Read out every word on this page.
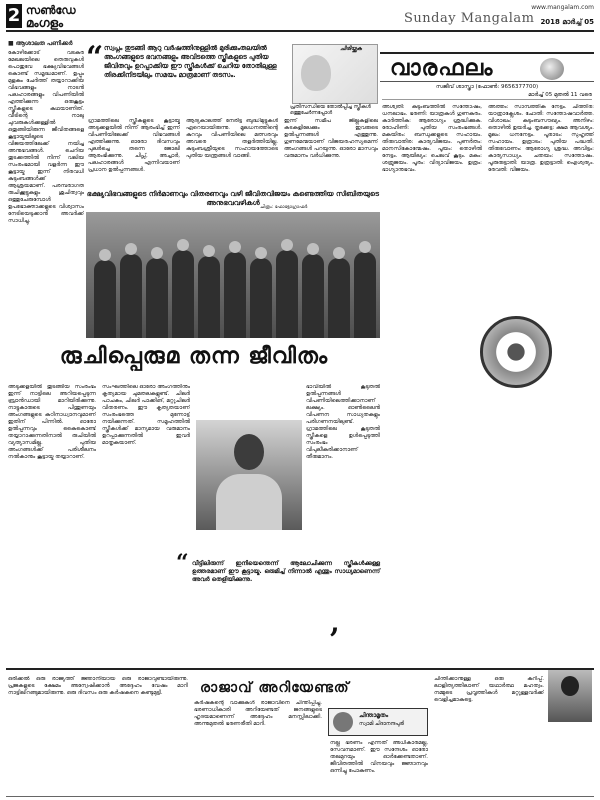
2 സൺഡേ
മംഗളം	Sunday Mangalam
www.mangalam.com
2018 മാർച്ച് 05
■ ആശാലത പണിക്കർ
കോ​ഴിക്കോട് വടകര മേഖലയിലെ തെരുവുകൾ പൊതുവേ ഭക്ഷ്യവിഭവങ്ങൾ കൊണ്ട് സമൃദ്ധമാണ്. ഉപ്പും മുളകും ചേർത്ത് തയ്യാറാക്കിയ വിഭവങ്ങളും നാടൻ പലഹാരങ്ങളും വിപണിയിൽ എത്തിക്കുന്ന ഒരുകൂട്ടം സ്ത്രീകളുടെ കഥയാണിത്. വീടിന്റെ നാലു ചുവരുകൾക്കുള്ളിൽ ഒതുങ്ങിയിരുന്ന ജീവിതങ്ങളെ കൂട്ടായ്മയിലൂടെ വിജയത്തിലേക്ക് നയിച്ച അനുഭവങ്ങൾ. ചെറിയ തുടക്കത്തിൽ നിന്ന് വലിയ സംരംഭമായി വളർന്ന ഈ കൂട്ടായ്മ ഇന്ന് നിരവധി കുടുംബങ്ങൾക്ക് ആശ്രയമാണ്. പരമ്പരാഗത രുചിക്കൂട്ടുകളും ശുചിത്വവും ഒത്തുചേരുമ്പോൾ ഉപഭോക്താക്കളുടെ വിശ്വാസം നേടിയെടുക്കാൻ അവർക്ക് സാധിച്ചു.
“ സ്വപ്നം തുടങ്ങി ആറു വർഷത്തിനുള്ളിൽ മുരിക്കുംതലയിൽ അംഗങ്ങളുടെ ഭവനങ്ങളും അവിടത്തെ സ്ത്രീകളുടെ പുതിയ ജീവിതവും ഉറപ്പാക്കിയ ഈ സ്ത്രീകൾക്ക് ചെറിയ തോതിലുള്ള തിരക്കിനിടയിലും സമയം മാത്രമാണ് തടസം.
ചിരിയ്ക്കുക
പ്രതിസന്ധിയെ തോൽപ്പിച്ച സ്ത്രീകൾ ഒത്തുചേർന്നപ്പോൾ
ഗ്രാമത്തിലെ സ്ത്രീകളുടെ കൂട്ടായ്മ അടുക്കളയിൽ നിന്ന് ആരംഭിച്ച് ഇന്ന് വിപണിയിലേക്ക് വിഭവങ്ങൾ എത്തിക്കുന്നു. ഓരോ ദിവസവും പുലർച്ചെ തന്നെ ജോലി ആരംഭിക്കുന്നു. ചിപ്സ്, അച്ചാർ, പലഹാരങ്ങൾ എന്നിവയാണ് പ്രധാന ഉൽപ്പന്നങ്ങൾ.
ആദ്യകാലത്ത് നേരിട്ട ബുദ്ധിമുട്ടുകൾ ഏറെയായിരുന്നു. മൂലധനത്തിന്റെ കുറവും വിപണിയിലെ മത്സരവും അവരെ തളർത്തിയില്ല. കുടുംബശ്രീയുടെ സഹായത്തോടെ പുതിയ യന്ത്രങ്ങൾ വാങ്ങി.
ഇന്ന് സമീപ ജില്ലകളിലെ കടകളിലേക്കും ഇവരുടെ ഉൽപ്പന്നങ്ങൾ എത്തുന്നു. ഗുണമേന്മയാണ് വിജയരഹസ്യമെന്ന് അംഗങ്ങൾ പറയുന്നു. ഓരോ മാസവും വരുമാനം വർധിക്കുന്നു.
ഭക്ഷ്യവിഭവങ്ങളുടെ നിർമാണവും വിതരണവും വഴി ജീവിതവിജയം കണ്ടെത്തിയ സിബിതയുടെ അനുഭവവഴികൾ
ചിത്രം: ഫോട്ടോഗ്രാഫർ
രുചിപ്പെരുമ തന്ന ജീവിതം
അടുക്കളയിൽ തുടങ്ങിയ സംരംഭം ഇന്ന് നാട്ടിലെ അറിയപ്പെടുന്ന ബ്രാൻഡായി മാറിയിരിക്കുന്നു. നാട്ടുകാരുടെ പിന്തുണയും അംഗങ്ങളുടെ കഠിനാധ്വാനവുമാണ് ഇതിന് പിന്നിൽ. ഓരോ ഉൽപ്പന്നവും കൈകൊണ്ട് തയ്യാറാക്കുന്നതിനാൽ രുചിയിൽ വ്യത്യാസമില്ല. പുതിയ അംഗങ്ങൾക്ക് പരിശീലനം നൽകാനും കൂട്ടായ്മ തയ്യാറാണ്.
സംഘത്തിലെ ഓരോ അംഗത്തിനും കൃത്യമായ ചുമതലകളുണ്ട്. ചിലർ പാചകം, ചിലർ പാക്കിങ്, മറ്റുചിലർ വിതരണം. ഈ കൃത്യതയാണ് സംരംഭത്തെ മുന്നോട്ട് നയിക്കുന്നത്. സമൂഹത്തിൽ സ്ത്രീകൾക്ക് മാന്യമായ വരുമാനം ഉറപ്പാക്കുന്നതിൽ ഇവർ മാതൃകയാണ്.
ഭാവിയിൽ കൂടുതൽ ഉൽപ്പന്നങ്ങൾ വിപണിയിലെത്തിക്കാനാണ് ലക്ഷ്യം. ഓൺലൈൻ വിപണന സാധ്യതകളും പരിഗണനയിലുണ്ട്. ഗ്രാമത്തിലെ കൂടുതൽ സ്ത്രീകളെ ഉൾപ്പെടുത്തി സംരംഭം വിപുലീകരിക്കാനാണ് തീരുമാനം.
“ വീട്ടിലിരുന്ന് ഇനിയെന്തെന്ന് ആലോചിക്കുന്ന സ്ത്രീകൾക്കുള്ള ഉത്തരമാണ് ഈ കൂട്ടായ്മ. ഒരുമിച്ച് നിന്നാൽ എന്തും സാധ്യമാണെന്ന് അവർ തെളിയിക്കുന്നു.
,
വാരഫലം
സജീവ് ശാസ്ത്രാ (ഫോൺ: 9656377700)
മാർച്ച് 05 മുതൽ 11 വരെ
അശ്വതി: കുടുംബത്തിൽ സന്തോഷം, ധനലാഭം. ഭരണി: യാത്രകൾ ഗുണകരം. കാർത്തിക: ആരോഗ്യം ശ്രദ്ധിക്കുക. രോഹിണി: പുതിയ സംരംഭങ്ങൾ. മകയിരം: ബന്ധുക്കളുടെ സഹായം. തിരുവാതിര: കാര്യവിജയം. പുണർതം: മാനസികോന്മേഷം. പൂയം: തൊഴിൽ നേട്ടം. ആയില്യം: ചെലവ് കൂടും. മകം: ശത്രുജയം. പൂരം: വിദ്യാവിജയം. ഉത്രം: ഭാഗ്യാനുഭവം.
അത്തം: സാമ്പത്തിക നേട്ടം. ചിത്തിര: യാത്രാക്ലേശം. ചോതി: സന്തോഷവാർത്ത. വിശാഖം: കുടുംബസൗഖ്യം. അനിഴം: തൊഴിൽ ഉയർച്ച. തൃക്കേട്ട: ക്ഷമ ആവശ്യം. മൂലം: ധനനേട്ടം. പൂരാടം: സുഹൃത്ത് സഹായം. ഉത്രാടം: പുതിയ പദ്ധതി. തിരുവോണം: ആരോഗ്യ ശ്രദ്ധ. അവിട്ടം: കാര്യസാധ്യം. ചതയം: സന്തോഷം. പൂരുരുട്ടാതി: യാത്ര. ഉത്രട്ടാതി: ഐശ്വര്യം. രേവതി: വിജയം.
രാജാവ് അറിയേണ്ടത്
ഒരിക്കൽ ഒരു രാജ്യത്ത് ജ്ഞാനിയായ ഒരു രാജാവുണ്ടായിരുന്നു. പ്രജകളുടെ ക്ഷേമം അന്വേഷിക്കാൻ അദ്ദേഹം വേഷം മാറി നാട്ടിലിറങ്ങുമായിരുന്നു. ഒരു ദിവസം ഒരു കർഷകനെ കണ്ടുമുട്ടി.
കർഷകന്റെ വാക്കുകൾ രാജാവിനെ ചിന്തിപ്പിച്ചു. ഭരണാധികാരി അറിയേണ്ടത് ജനങ്ങളുടെ ഹൃദയമാണെന്ന് അദ്ദേഹം മനസ്സിലാക്കി. അന്നുമുതൽ ഭരണരീതി മാറി.
ചിന്താമൃതം
സ്വാമി ചിദാനന്ദപുരി
നല്ല ഭരണം എന്നത് അധികാരമല്ല, സേവനമാണ്. ഈ സന്ദേശം ഓരോ തലമുറയും ഓർക്കേണ്ടതാണ്. ജീവിതത്തിൽ വിനയവും ജ്ഞാനവും ഒന്നിച്ചു പോകണം.
ചിന്തിക്കാനുള്ള ഒരു കുറിപ്പ്. ലാളിത്യത്തിലാണ് യഥാർത്ഥ മഹത്വം. നമ്മുടെ പ്രവൃത്തികൾ മറ്റുള്ളവർക്ക് വെളിച്ചമാകട്ടെ.
